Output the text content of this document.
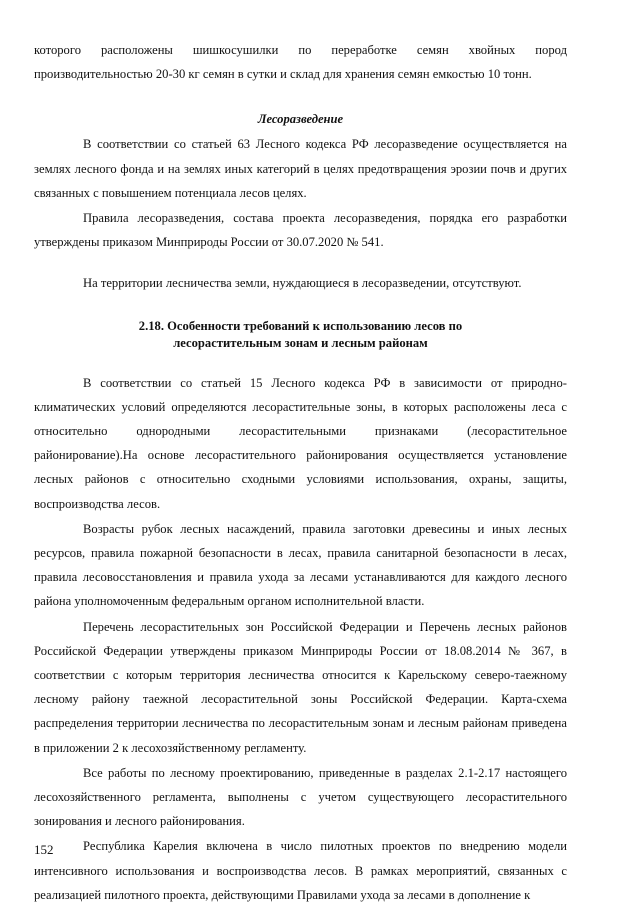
которого расположены шишкосушилки по переработке семян хвойных пород производительностью 20-30 кг семян в сутки и склад для хранения семян емкостью 10 тонн.

Лесоразведение

В соответствии со статьей 63 Лесного кодекса РФ лесоразведение осуществляется на землях лесного фонда и на землях иных категорий в целях предотвращения эрозии почв и других связанных с повышением потенциала лесов целях.

Правила лесоразведения, состава проекта лесоразведения, порядка его разработки утверждены приказом Минприроды России от 30.07.2020 № 541.

На территории лесничества земли, нуждающиеся в лесоразведении, отсутствуют.

2.18. Особенности требований к использованию лесов по
лесорастительным зонам и лесным районам

В соответствии со статьей 15 Лесного кодекса РФ в зависимости от природно-климатических условий определяются лесорастительные зоны, в которых расположены леса с относительно однородными лесорастительными признаками (лесорастительное районирование).На основе лесорастительного районирования осуществляется установление лесных районов с относительно сходными условиями использования, охраны, защиты, воспроизводства лесов.

Возрасты рубок лесных насаждений, правила заготовки древесины и иных лесных ресурсов, правила пожарной безопасности в лесах, правила санитарной безопасности в лесах, правила лесовосстановления и правила ухода за лесами устанавливаются для каждого лесного района уполномоченным федеральным органом исполнительной власти.

Перечень лесорастительных зон Российской Федерации и Перечень лесных районов Российской Федерации утверждены приказом Минприроды России от 18.08.2014 № 367, в соответствии с которым территория лесничества относится к Карельскому северо-таежному лесному району таежной лесорастительной зоны Российской Федерации. Карта-схема распределения территории лесничества по лесорастительным зонам и лесным районам приведена в приложении 2 к лесохозяйственному регламенту.

Все работы по лесному проектированию, приведенные в разделах 2.1-2.17 настоящего лесохозяйственного регламента, выполнены с учетом существующего лесорастительного зонирования и лесного районирования.

Республика Карелия включена в число пилотных проектов по внедрению модели интенсивного использования и воспроизводства лесов. В рамках мероприятий, связанных с реализацией пилотного проекта, действующими Правилами ухода за лесами в дополнение к

152
